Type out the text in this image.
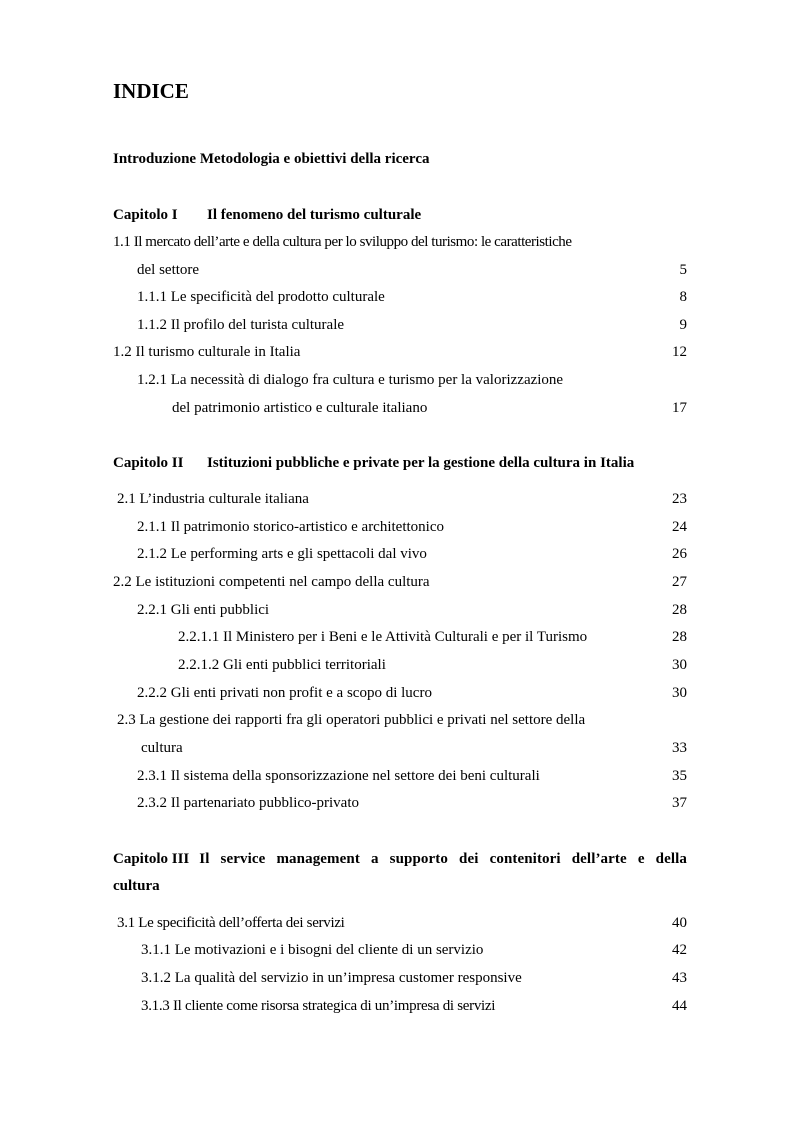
INDICE
Introduzione Metodologia e obiettivi della ricerca
Capitolo I Il fenomeno del turismo culturale
1.1 Il mercato dell’arte e della cultura per lo sviluppo del turismo: le caratteristiche
del settore	5
1.1.1 Le specificità del prodotto culturale	8
1.1.2 Il profilo del turista culturale	9
1.2 Il turismo culturale in Italia	12
1.2.1 La necessità di dialogo fra cultura e turismo per la valorizzazione
del patrimonio artistico e culturale italiano	17
Capitolo II Istituzioni pubbliche e private per la gestione della cultura in Italia
2.1 L’industria culturale italiana	23
2.1.1 Il patrimonio storico-artistico e architettonico	24
2.1.2 Le performing arts e gli spettacoli dal vivo	26
2.2 Le istituzioni competenti nel campo della cultura	27
2.2.1 Gli enti pubblici	28
2.2.1.1 Il Ministero per i Beni e le Attività Culturali e per il Turismo	28
2.2.1.2 Gli enti pubblici territoriali	30
2.2.2 Gli enti privati non profit e a scopo di lucro	30
2.3 La gestione dei rapporti fra gli operatori pubblici e privati nel settore della
cultura	33
2.3.1 Il sistema della sponsorizzazione nel settore dei beni culturali	35
2.3.2 Il partenariato pubblico-privato	37
Capitolo III Il service management a supporto dei contenitori dell’arte e della
cultura
3.1 Le specificità dell’offerta dei servizi	40
3.1.1 Le motivazioni e i bisogni del cliente di un servizio	42
3.1.2 La qualità del servizio in un’impresa customer responsive	43
3.1.3 Il cliente come risorsa strategica di un’impresa di servizi	44
